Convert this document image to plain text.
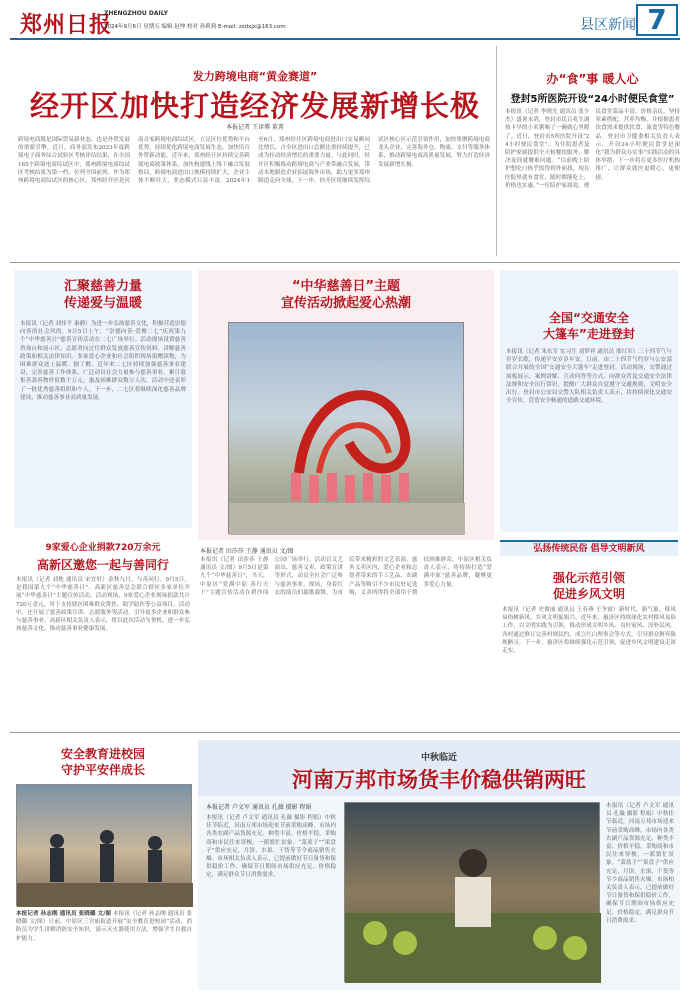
郑州日报
ZHENGZHOU DAILY
2024年9月6日 星期五 编辑 赵坤 校对 孙莉莉 E-mail: zzdxjx@163.com	县区新闻 7
发力跨境电商“黄金赛道”
经开区加快打造经济发展新增长极
本报记者 王译博 董菁
跨境电商既是国际贸易新业态，也是外贸发展的重要引擎。近日，商务部发布2023年度跨境电子商务综合试验区考核评估结果，在全国165个跨境电商综试区中，郑州跨境电商综试区考核结果为第一档，位列全国前列。作为郑州跨境电商综试区的核心区，郑州经开区是河南首家跨境电商综试区，立足区位优势和平台优势，持续优化跨境电商发展生态，加快培育外贸新动能。近年来，郑州经开区持续完善跨境电商政策体系，加快构建线上线下融合发展格局，跨境电商进出口规模持续扩大，企业主体不断壮大，业态模式日益丰富。2024年1至6月，郑州经开区跨境电商进出口交易额同比增长，占全区进出口总额比重持续提升，已成为拉动经济增长的重要力量。与此同时，经开区积极推动跨境电商与产业带融合发展，带动本地制造企业拓展海外市场，助力更多郑州制造走向全球。下一步，经开区将继续发挥综试区核心区示范引领作用，加快集聚跨境电商龙头企业，完善海外仓、物流、支付等服务体系，推动跨境电商高质量发展，努力打造经济发展新增长极。
办“食”事 暖人心
登封5所医院开设“24小时便民食堂”
本报讯（记者 李晓光 通讯员 张少杰）盛暑未消，登封市民百兆生调热卡早的小米粥喝了一碗就心里暖了。近日，登封市5所医院开设“24小时便民食堂”，为住院患者及陪护家属提供全天候餐饮服务，解决夜间就餐难问题。“以前晚上陪护想吃口热乎饭得到外面找，现在医院里就有食堂，随时都能吃上，价格也实惠。”一位陪护家属说。便民食堂菜品丰富、价格亲民，坚持荤素搭配、营养均衡，并根据患者饮食需求提供软食、流食等特色餐品。登封市卫健委相关负责人表示，开设24小时便民食堂是深化“我为群众办实事”实践活动的具体举措，下一步将在更多医疗机构推广，让群众就医更暖心、更便捷。
汇聚慈善力量
传递爱与温暖
本报讯（记者 刘伟平 秦静）为进一步弘扬慈善文化，积极营造崇德向善的社会风尚，9月5日上午，“崇德向善·爱聚二七”庆祝第九个“中华慈善日”慈善宣传活动在二七广场举行。活动现场设置慈善咨询台和展示区，志愿者向过往群众发放慈善宣传资料，讲解慈善政策和相关法律知识。多家爱心企业和社会组织现场捐赠款物，为困难群众送上温暖。据了解，近年来二七区持续加强慈善事业建设，完善慈善工作体系，广泛动员社会力量参与慈善事业，累计募集善款善物价值数千万元，惠及困难群众数万人次。活动中还表彰了一批优秀慈善组织和个人。下一步，二七区将继续深化慈善品牌建设，推动慈善事业高质量发展。
“中华慈善日”主题
宣传活动掀起爱心热潮
全国“交通安全
大篷车”走进登封
本报讯（记者 朱东军 实习生 刘梦祥 通讯员 邢红军）三十四节气与岁岁长歌，传递平安岁岁年安。日前，由二十四节气约岁与公安部联合开展的全国“交通安全大篷车”走进登封。活动现场，交警通过展板展示、案例讲解、互动问答等方式，向群众普及交通安全法律法规和安全出行常识，提醒广大群众自觉遵守交通规则，文明安全出行。登封市公安局交警大队相关负责人表示，将持续深化交通安全宣传，营造安全畅通的道路交通环境。
9家爱心企业捐款720万余元
高新区邀您一起与善同行
本报讯（记者 刘地 通讯员 宋宜轩）金秋九月，与善同行。9月5日，是我国第九个“中华慈善日”。高新区慈善总会联合辖区多家单位开展“中华慈善日”主题宣传活动。活动现场，9家爱心企业现场捐款共计720万余元，用于支持辖区困难群众帮扶、助学助医等公益项目。活动中，还开展了慈善政策宣讲、志愿服务等活动，引导更多企业和群众参与慈善事业。高新区相关负责人表示，将以此次活动为契机，进一步弘扬慈善文化，推动慈善事业健康发展。
本报记者 田莎莎 王静 通讯员 文/图
本报讯（记者 田莎莎 王静 通讯员 文/图）9月5日是第九个“中华慈善日”，当天，中原区“爱满中原 善行天下”主题宣传活动在碧沙岗公园广场举行。活动以文艺演出、慈善义卖、政策宣讲等形式，动员全社会广泛参与慈善事业。现场，身着红衣的演员们载歌载舞，为市民带来精彩的文艺表演。慈善义卖区内，爱心企业和志愿者带来的手工艺品、农副产品等吸引不少市民驻足选购，义卖所得将全部用于帮扶困难群众。中原区相关负责人表示，将持续打造“爱满中原”慈善品牌，凝聚更多爱心力量。
弘扬传统民俗 倡导文明新风
强化示范引领
促进乡风文明
本报讯（记者 史俊丽 通讯员 王春燕 王争霞）新时代，新气象。移风易俗树新风，乡风文明促振兴。近年来，惠济区持续深化农村移风易俗工作，以文明实践为引领，推动形成文明乡风、良好家风、淳朴民风。各村通过修订完善村规民约、成立红白理事会等方式，引导群众摒弃陈规陋习。下一步，惠济区将继续强化示范引领，促进乡风文明建设走深走实。
安全教育进校园
守护平安伴成长
本报记者 孙志刚 通讯员 张晓璐 文/图 本报讯（记者 孙志刚 通讯员 张晓璐 文/图）日前，中原区三官庙街道开展“安全教育进校园”活动，消防员为学生讲解消防安全知识，演示灭火器使用方法，增强学生自救自护能力。
中秋临近
河南万邦市场货丰价稳供销两旺
本报记者 卢文军 通讯员 孔薇 摄影 程娟
本报讯（记者 卢文军 通讯员 孔薇 摄影 程娟）中秋佳节临近，河南万邦市场迎来节前采购高峰。市场内各类农副产品货源充足、种类丰富、价格平稳，采购商和市民往来穿梭，一派繁忙景象。“菜蓝子”“果盘子”供应充足，月饼、水果、干货等节令商品销售火爆。市场相关负责人表示，已提前做好节日备货和保供稳价工作，确保节日期间市场供应充足、价格稳定，满足群众节日消费需求。
本报讯（记者 卢文军 通讯员 孔薇 摄影 程娟）中秋佳节临近，河南万邦市场迎来节前采购高峰。市场内各类农副产品货源充足、种类丰富、价格平稳，采购商和市民往来穿梭，一派繁忙景象。“菜蓝子”“果盘子”供应充足，月饼、水果、干货等节令商品销售火爆。市场相关负责人表示，已提前做好节日备货和保供稳价工作，确保节日期间市场供应充足、价格稳定，满足群众节日消费需求。
